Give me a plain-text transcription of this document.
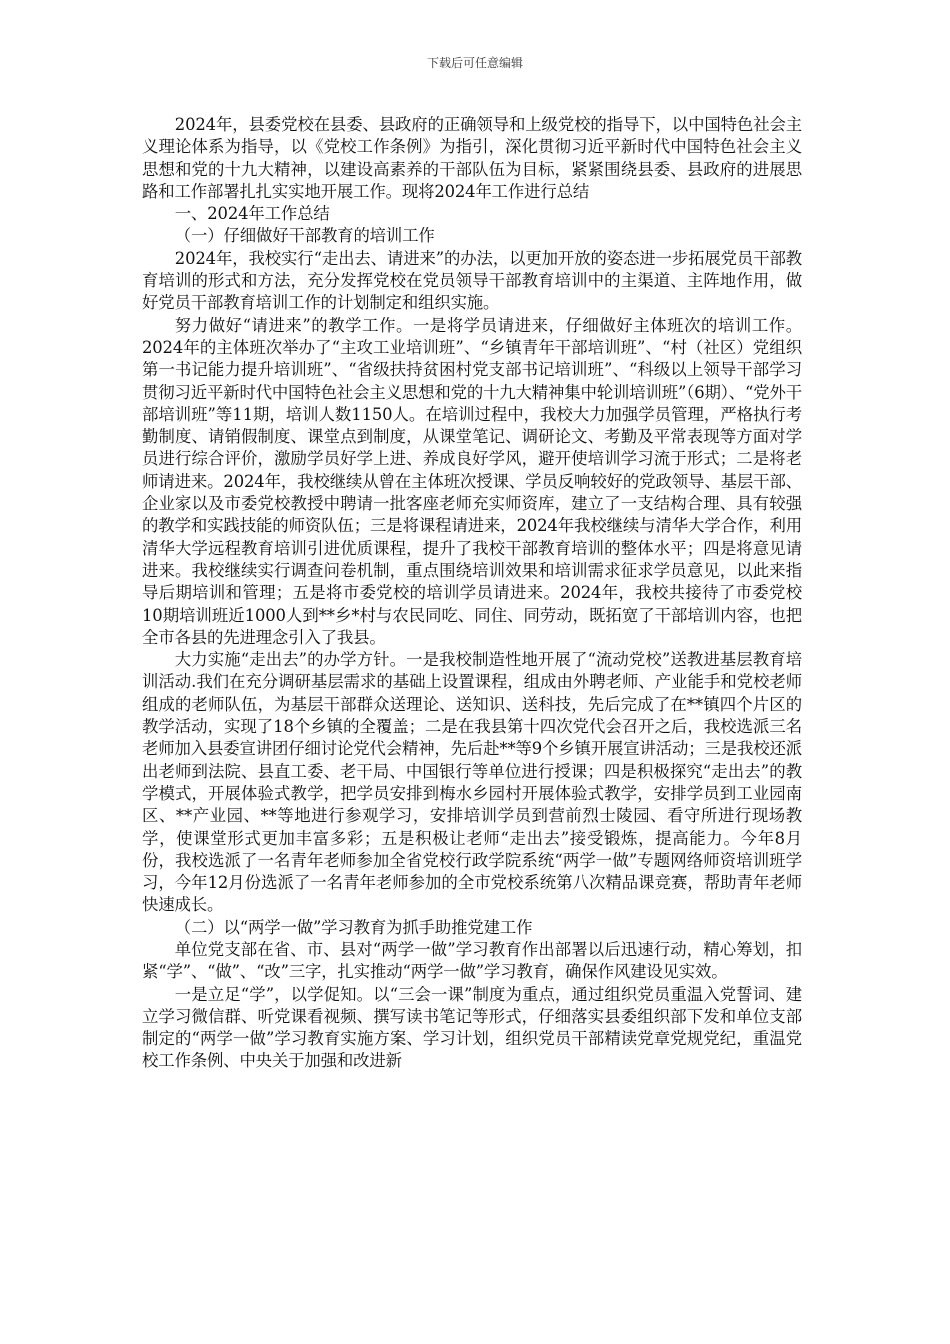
下载后可任意编辑

2024年，县委党校在县委、县政府的正确领导和上级党校的指导下，以中国特色社会主义理论体系为指导，以《党校工作条例》为指引，深化贯彻习近平新时代中国特色社会主义思想和党的十九大精神，以建设高素养的干部队伍为目标，紧紧围绕县委、县政府的进展思路和工作部署扎扎实实地开展工作。现将2024年工作进行总结

一、2024年工作总结

（一）仔细做好干部教育的培训工作

2024年，我校实行“走出去、请进来”的办法，以更加开放的姿态进一步拓展党员干部教育培训的形式和方法，充分发挥党校在党员领导干部教育培训中的主渠道、主阵地作用，做好党员干部教育培训工作的计划制定和组织实施。

努力做好“请进来”的教学工作。一是将学员请进来，仔细做好主体班次的培训工作。2024年的主体班次举办了“主攻工业培训班”、“乡镇青年干部培训班”、“村（社区）党组织第一书记能力提升培训班”、“省级扶持贫困村党支部书记培训班”、“科级以上领导干部学习贯彻习近平新时代中国特色社会主义思想和党的十九大精神集中轮训培训班”（6期）、“党外干部培训班”等11期，培训人数1150人。在培训过程中，我校大力加强学员管理，严格执行考勤制度、请销假制度、课堂点到制度，从课堂笔记、调研论文、考勤及平常表现等方面对学员进行综合评价，激励学员好学上进、养成良好学风，避开使培训学习流于形式；二是将老师请进来。2024年，我校继续从曾在主体班次授课、学员反响较好的党政领导、基层干部、企业家以及市委党校教授中聘请一批客座老师充实师资库，建立了一支结构合理、具有较强的教学和实践技能的师资队伍；三是将课程请进来，2024年我校继续与清华大学合作，利用清华大学远程教育培训引进优质课程，提升了我校干部教育培训的整体水平；四是将意见请进来。我校继续实行调查问卷机制，重点围绕培训效果和培训需求征求学员意见，以此来指导后期培训和管理；五是将市委党校的培训学员请进来。2024年，我校共接待了市委党校10期培训班近1000人到**乡*村与农民同吃、同住、同劳动，既拓宽了干部培训内容，也把全市各县的先进理念引入了我县。

大力实施“走出去”的办学方针。一是我校制造性地开展了“流动党校”送教进基层教育培训活动.我们在充分调研基层需求的基础上设置课程，组成由外聘老师、产业能手和党校老师组成的老师队伍，为基层干部群众送理论、送知识、送科技，先后完成了在**镇四个片区的教学活动，实现了18个乡镇的全覆盖；二是在我县第十四次党代会召开之后，我校选派三名老师加入县委宣讲团仔细讨论党代会精神，先后赴**等9个乡镇开展宣讲活动；三是我校还派出老师到法院、县直工委、老干局、中国银行等单位进行授课；四是积极探究“走出去”的教学模式，开展体验式教学，把学员安排到梅水乡园村开展体验式教学，安排学员到工业园南区、**产业园、**等地进行参观学习，安排培训学员到营前烈士陵园、看守所进行现场教学，使课堂形式更加丰富多彩；五是积极让老师“走出去”接受锻炼，提高能力。今年8月份，我校选派了一名青年老师参加全省党校行政学院系统“两学一做”专题网络师资培训班学习，今年12月份选派了一名青年老师参加的全市党校系统第八次精品课竞赛，帮助青年老师快速成长。

（二）以“两学一做”学习教育为抓手助推党建工作

单位党支部在省、市、县对“两学一做”学习教育作出部署以后迅速行动，精心筹划，扣紧“学”、“做”、“改”三字，扎实推动“两学一做”学习教育，确保作风建设见实效。

一是立足“学”，以学促知。以“三会一课”制度为重点，通过组织党员重温入党誓词、建立学习微信群、听党课看视频、撰写读书笔记等形式，仔细落实县委组织部下发和单位支部制定的“两学一做”学习教育实施方案、学习计划，组织党员干部精读党章党规党纪，重温党校工作条例、中央关于加强和改进新
